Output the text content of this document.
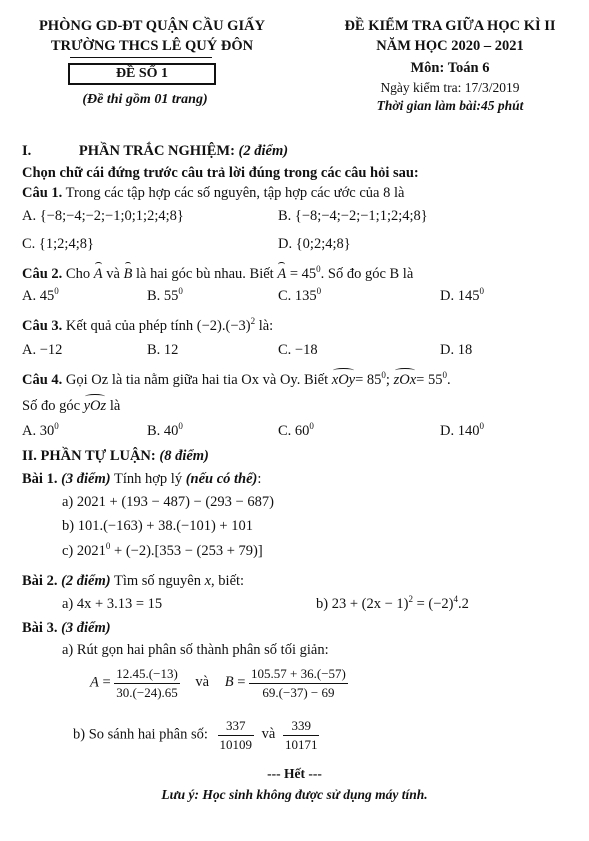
PHÒNG GD-ĐT QUẬN CẦU GIẤY
TRƯỜNG THCS LÊ QUÝ ĐÔN
ĐỀ SỐ 1
(Đề thi gồm 01 trang)
ĐỀ KIỂM TRA GIỮA HỌC KÌ II
NĂM HỌC 2020 – 2021
Môn: Toán 6
Ngày kiểm tra: 17/3/2019
Thời gian làm bài:45 phút
I.	PHẦN TRẮC NGHIỆM: (2 điểm)
Chọn chữ cái đứng trước câu trả lời đúng trong các câu hỏi sau:
Câu 1. Trong các tập hợp các số nguyên, tập hợp các ước của 8 là
A. {−8;−4;−2;−1;0;1;2;4;8}	B. {−8;−4;−2;−1;1;2;4;8}
C. {1;2;4;8}	D. {0;2;4;8}
Câu 2. Cho A và B là hai góc bù nhau. Biết $A = 45^0$. Số đo góc B là
A. $45^0$	B. $55^0$	C. $135^0$	D. $145^0$
Câu 3. Kết quả của phép tính $(-2).(-3)^2$ là:
A. −12	B. 12	C. −18	D. 18
Câu 4. Gọi Oz là tia nằm giữa hai tia Ox và Oy. Biết $xOy= 85^0$; $zOx= 55^0$.
Số đo góc yOz là
A. $30^0$	B. $40^0$	C. $60^0$	D. $140^0$
II. PHẦN TỰ LUẬN: (8 điểm)
Bài 1. (3 điểm) Tính hợp lý (nếu có thể):
a) 2021 + (193 − 487) − (293 − 687)
b) 101.(−163) + 38.(−101) + 101
c) $2021^0 + (-2).[353 - (253 + 79)]$
Bài 2. (2 điểm) Tìm số nguyên x, biết:
a) 4x + 3.13 = 15	b) $23 + (2x - 1)^2 = (-2)^4.2$
Bài 3. (3 điểm)
a) Rút gọn hai phân số thành phân số tối giản:
$A = \frac{12.45.(-13)}{30.(-24).65}$ và $B = \frac{105.57 + 36.(-57)}{69.(-37) - 69}$
b) So sánh hai phân số: $\frac{337}{10109}$ và $\frac{339}{10171}$
--- Hết ---
Lưu ý: Học sinh không được sử dụng máy tính.
